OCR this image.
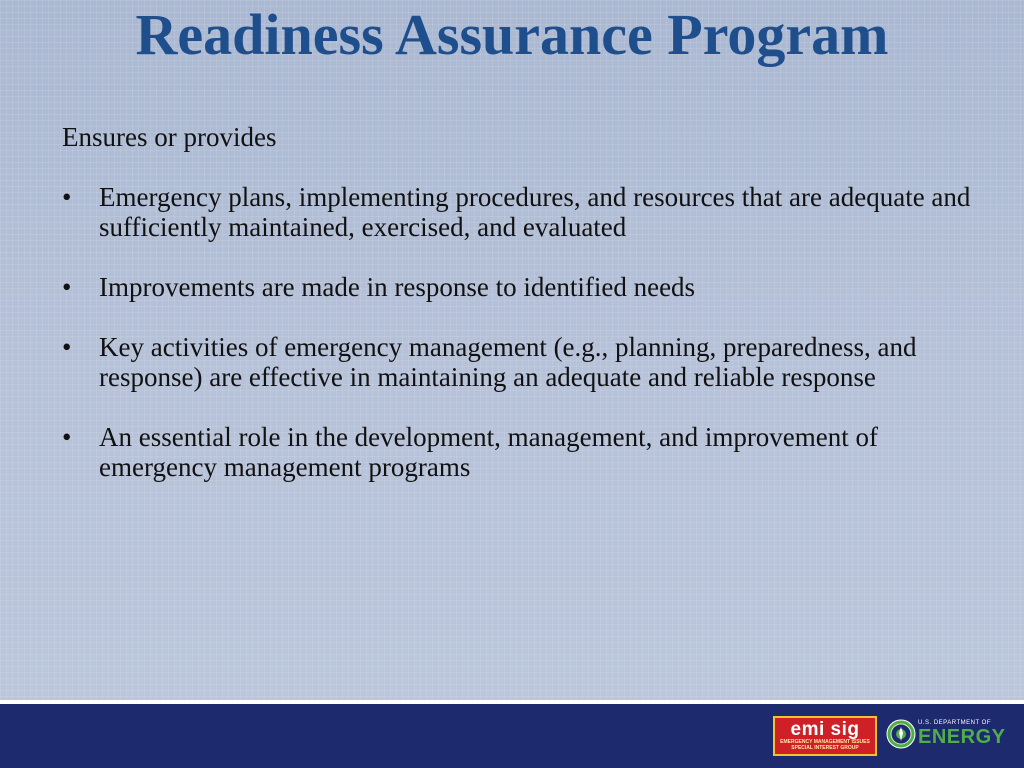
Readiness Assurance Program

Ensures or provides

• Emergency plans, implementing procedures, and resources that are adequate and sufficiently maintained, exercised, and evaluated
• Improvements are made in response to identified needs
• Key activities of emergency management (e.g., planning, preparedness, and response) are effective in maintaining an adequate and reliable response
• An essential role in the development, management, and improvement of emergency management programs
emi sig
EMERGENCY MANAGEMENT ISSUES
SPECIAL INTEREST GROUP
U.S. DEPARTMENT OF
ENERGY
